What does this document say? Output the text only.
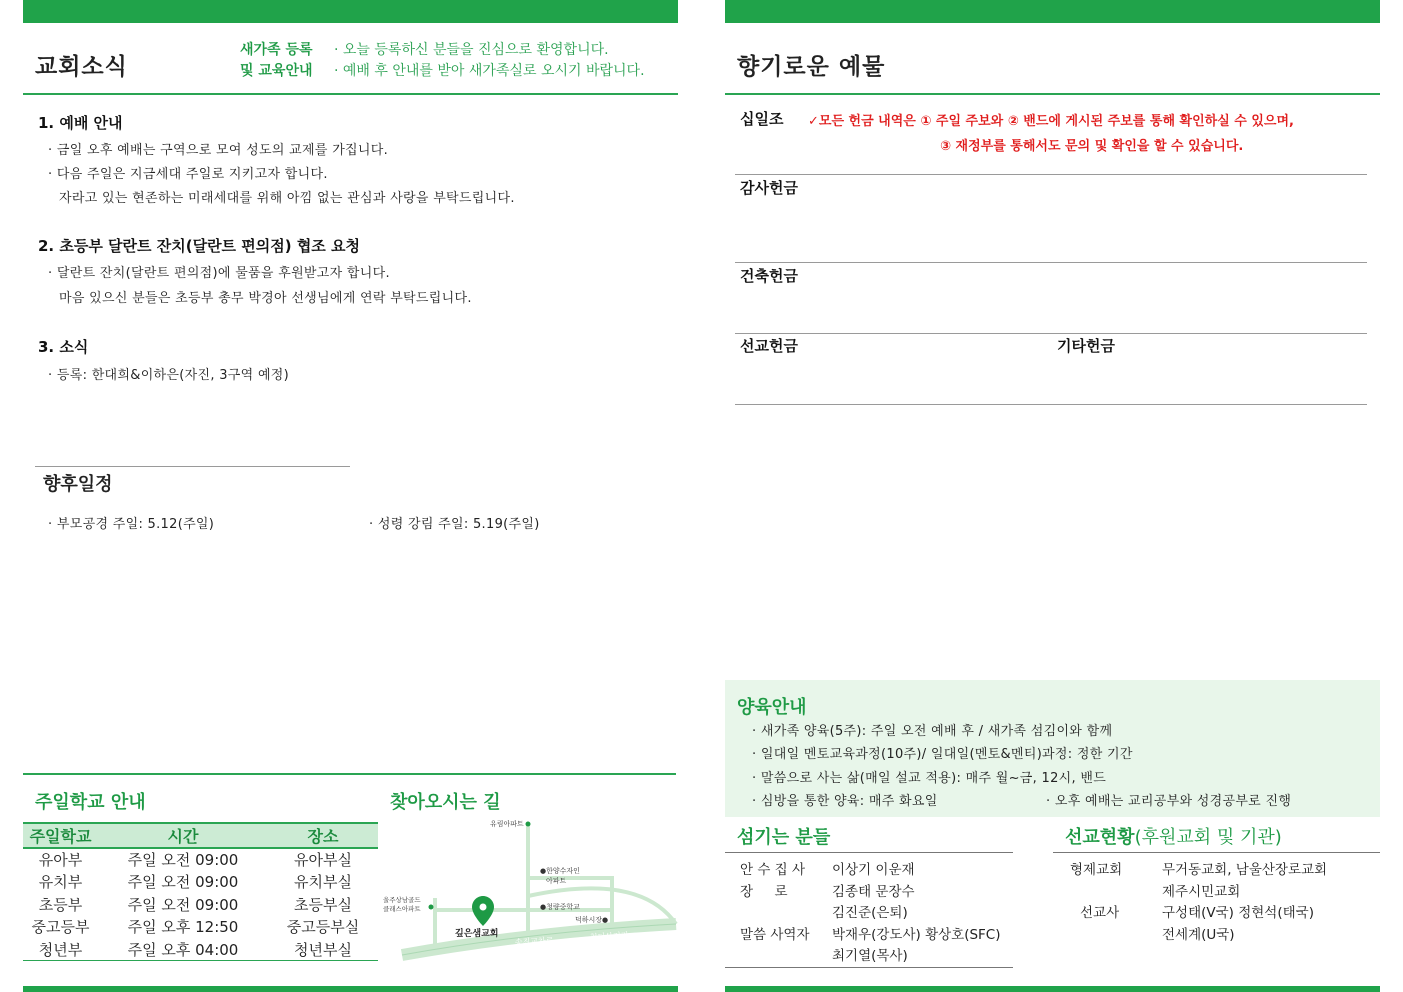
교회소식
새가족 등록
및 교육안내
· 오늘 등록하신 분들을 진심으로 환영합니다.
· 예배 후 안내를 받아 새가족실로 오시기 바랍니다.
1. 예배 안내
· 금일 오후 예배는 구역으로 모여 성도의 교제를 가집니다.
· 다음 주일은 지금세대 주일로 지키고자 합니다.
자라고 있는 현존하는 미래세대를 위해 아낌 없는 관심과 사랑을 부탁드립니다.
2. 초등부 달란트 잔치(달란트 편의점) 협조 요청
· 달란트 잔치(달란트 편의점)에 물품을 후원받고자 합니다.
마음 있으신 분들은 초등부 총무 박경아 선생님에게 연락 부탁드립니다.
3. 소식
· 등록: 한대희&이하은(자진, 3구역 예정)
향후일정
· 부모공경 주일: 5.12(주일)	· 성령 강림 주일: 5.19(주일)
주일학교 안내
주일학교	시간	장소
유아부	주일 오전 09:00	유아부실
유치부	주일 오전 09:00	유치부실
초등부	주일 오전 09:00	초등부실
중고등부	주일 오후 12:50	중고등부실
청년부	주일 오후 04:00	청년부실
찾아오시는 길
유림아파트
●한양수자인
아파트
울주상남골드
클래스아파트	●청량중학교
덕하시장●
깊은샘교회
송진교차로	청터삼거리
향기로운 예물
십일조 ✓모든 헌금 내역은 ① 주일 주보와 ② 밴드에 게시된 주보를 통해 확인하실 수 있으며,
③ 재정부를 통해서도 문의 및 확인을 할 수 있습니다.
감사헌금
건축헌금
선교헌금	기타헌금
양육안내
· 새가족 양육(5주): 주일 오전 예배 후 / 새가족 섬김이와 함께
· 일대일 멘토교육과정(10주)/ 일대일(멘토&멘티)과정: 정한 기간
· 말씀으로 사는 삶(매일 설교 적용): 매주 월~금, 12시, 밴드
· 심방을 통한 양육: 매주 화요일	· 오후 예배는 교리공부와 성경공부로 진행
섬기는 분들
안 수 집 사	이상기 이운재
장     로	김종태 문장수
	김진준(은퇴)
말씀 사역자	박재우(강도사) 황상호(SFC)
	최기열(목사)
선교현황(후원교회 및 기관)
형제교회	무거동교회, 남울산장로교회
	제주시민교회
선교사	구성태(V국) 정현석(태국)
	전세계(U국)
